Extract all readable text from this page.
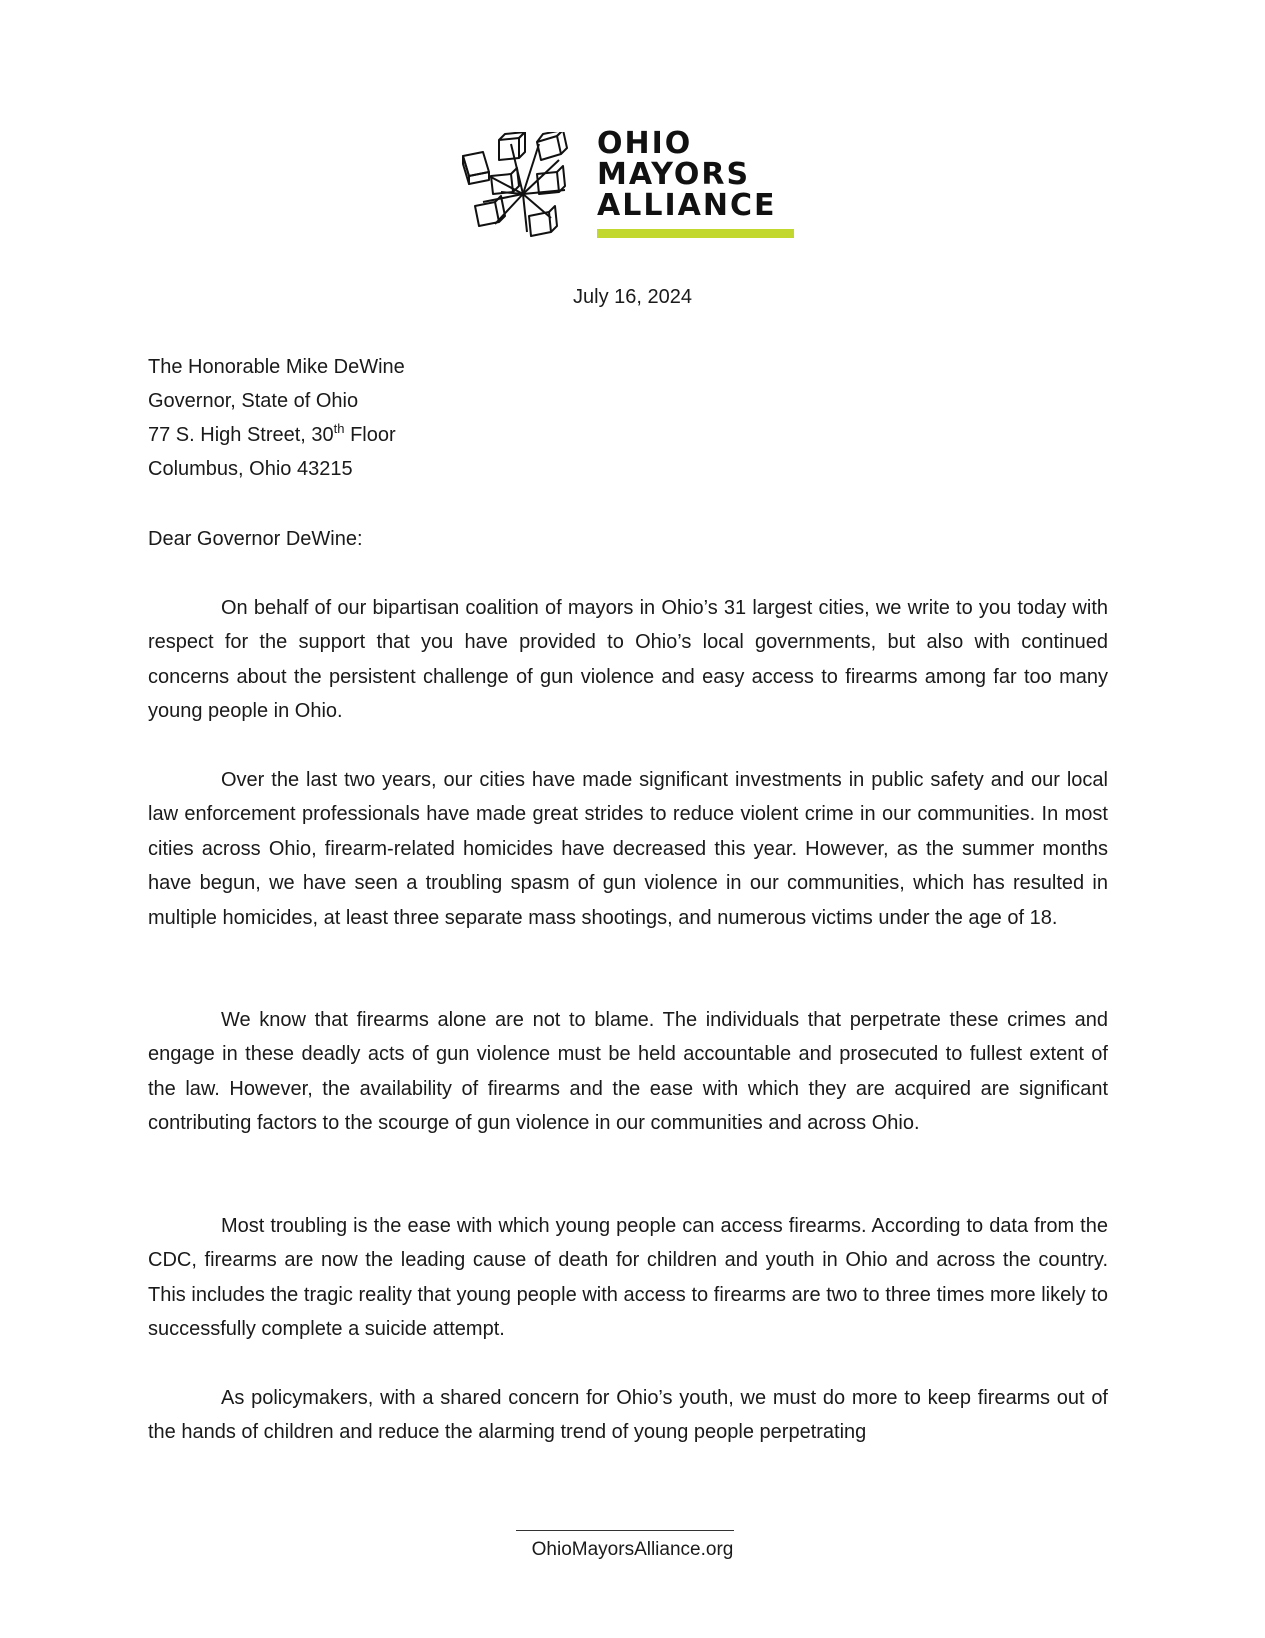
OHIO
MAYORS
ALLIANCE
July 16, 2024
The Honorable Mike DeWine
Governor, State of Ohio
77 S. High Street, 30th Floor
Columbus, Ohio 43215
Dear Governor DeWine:

On behalf of our bipartisan coalition of mayors in Ohio’s 31 largest cities, we write to you today with respect for the support that you have provided to Ohio’s local governments, but also with continued concerns about the persistent challenge of gun violence and easy access to firearms among far too many young people in Ohio.

Over the last two years, our cities have made significant investments in public safety and our local law enforcement professionals have made great strides to reduce violent crime in our communities. In most cities across Ohio, firearm-related homicides have decreased this year. However, as the summer months have begun, we have seen a troubling spasm of gun violence in our communities, which has resulted in multiple homicides, at least three separate mass shootings, and numerous victims under the age of 18.

We know that firearms alone are not to blame. The individuals that perpetrate these crimes and engage in these deadly acts of gun violence must be held accountable and prosecuted to fullest extent of the law. However, the availability of firearms and the ease with which they are acquired are significant contributing factors to the scourge of gun violence in our communities and across Ohio.

Most troubling is the ease with which young people can access firearms. According to data from the CDC, firearms are now the leading cause of death for children and youth in Ohio and across the country. This includes the tragic reality that young people with access to firearms are two to three times more likely to successfully complete a suicide attempt.

As policymakers, with a shared concern for Ohio’s youth, we must do more to keep firearms out of the hands of children and reduce the alarming trend of young people perpetrating

OhioMayorsAlliance.org
